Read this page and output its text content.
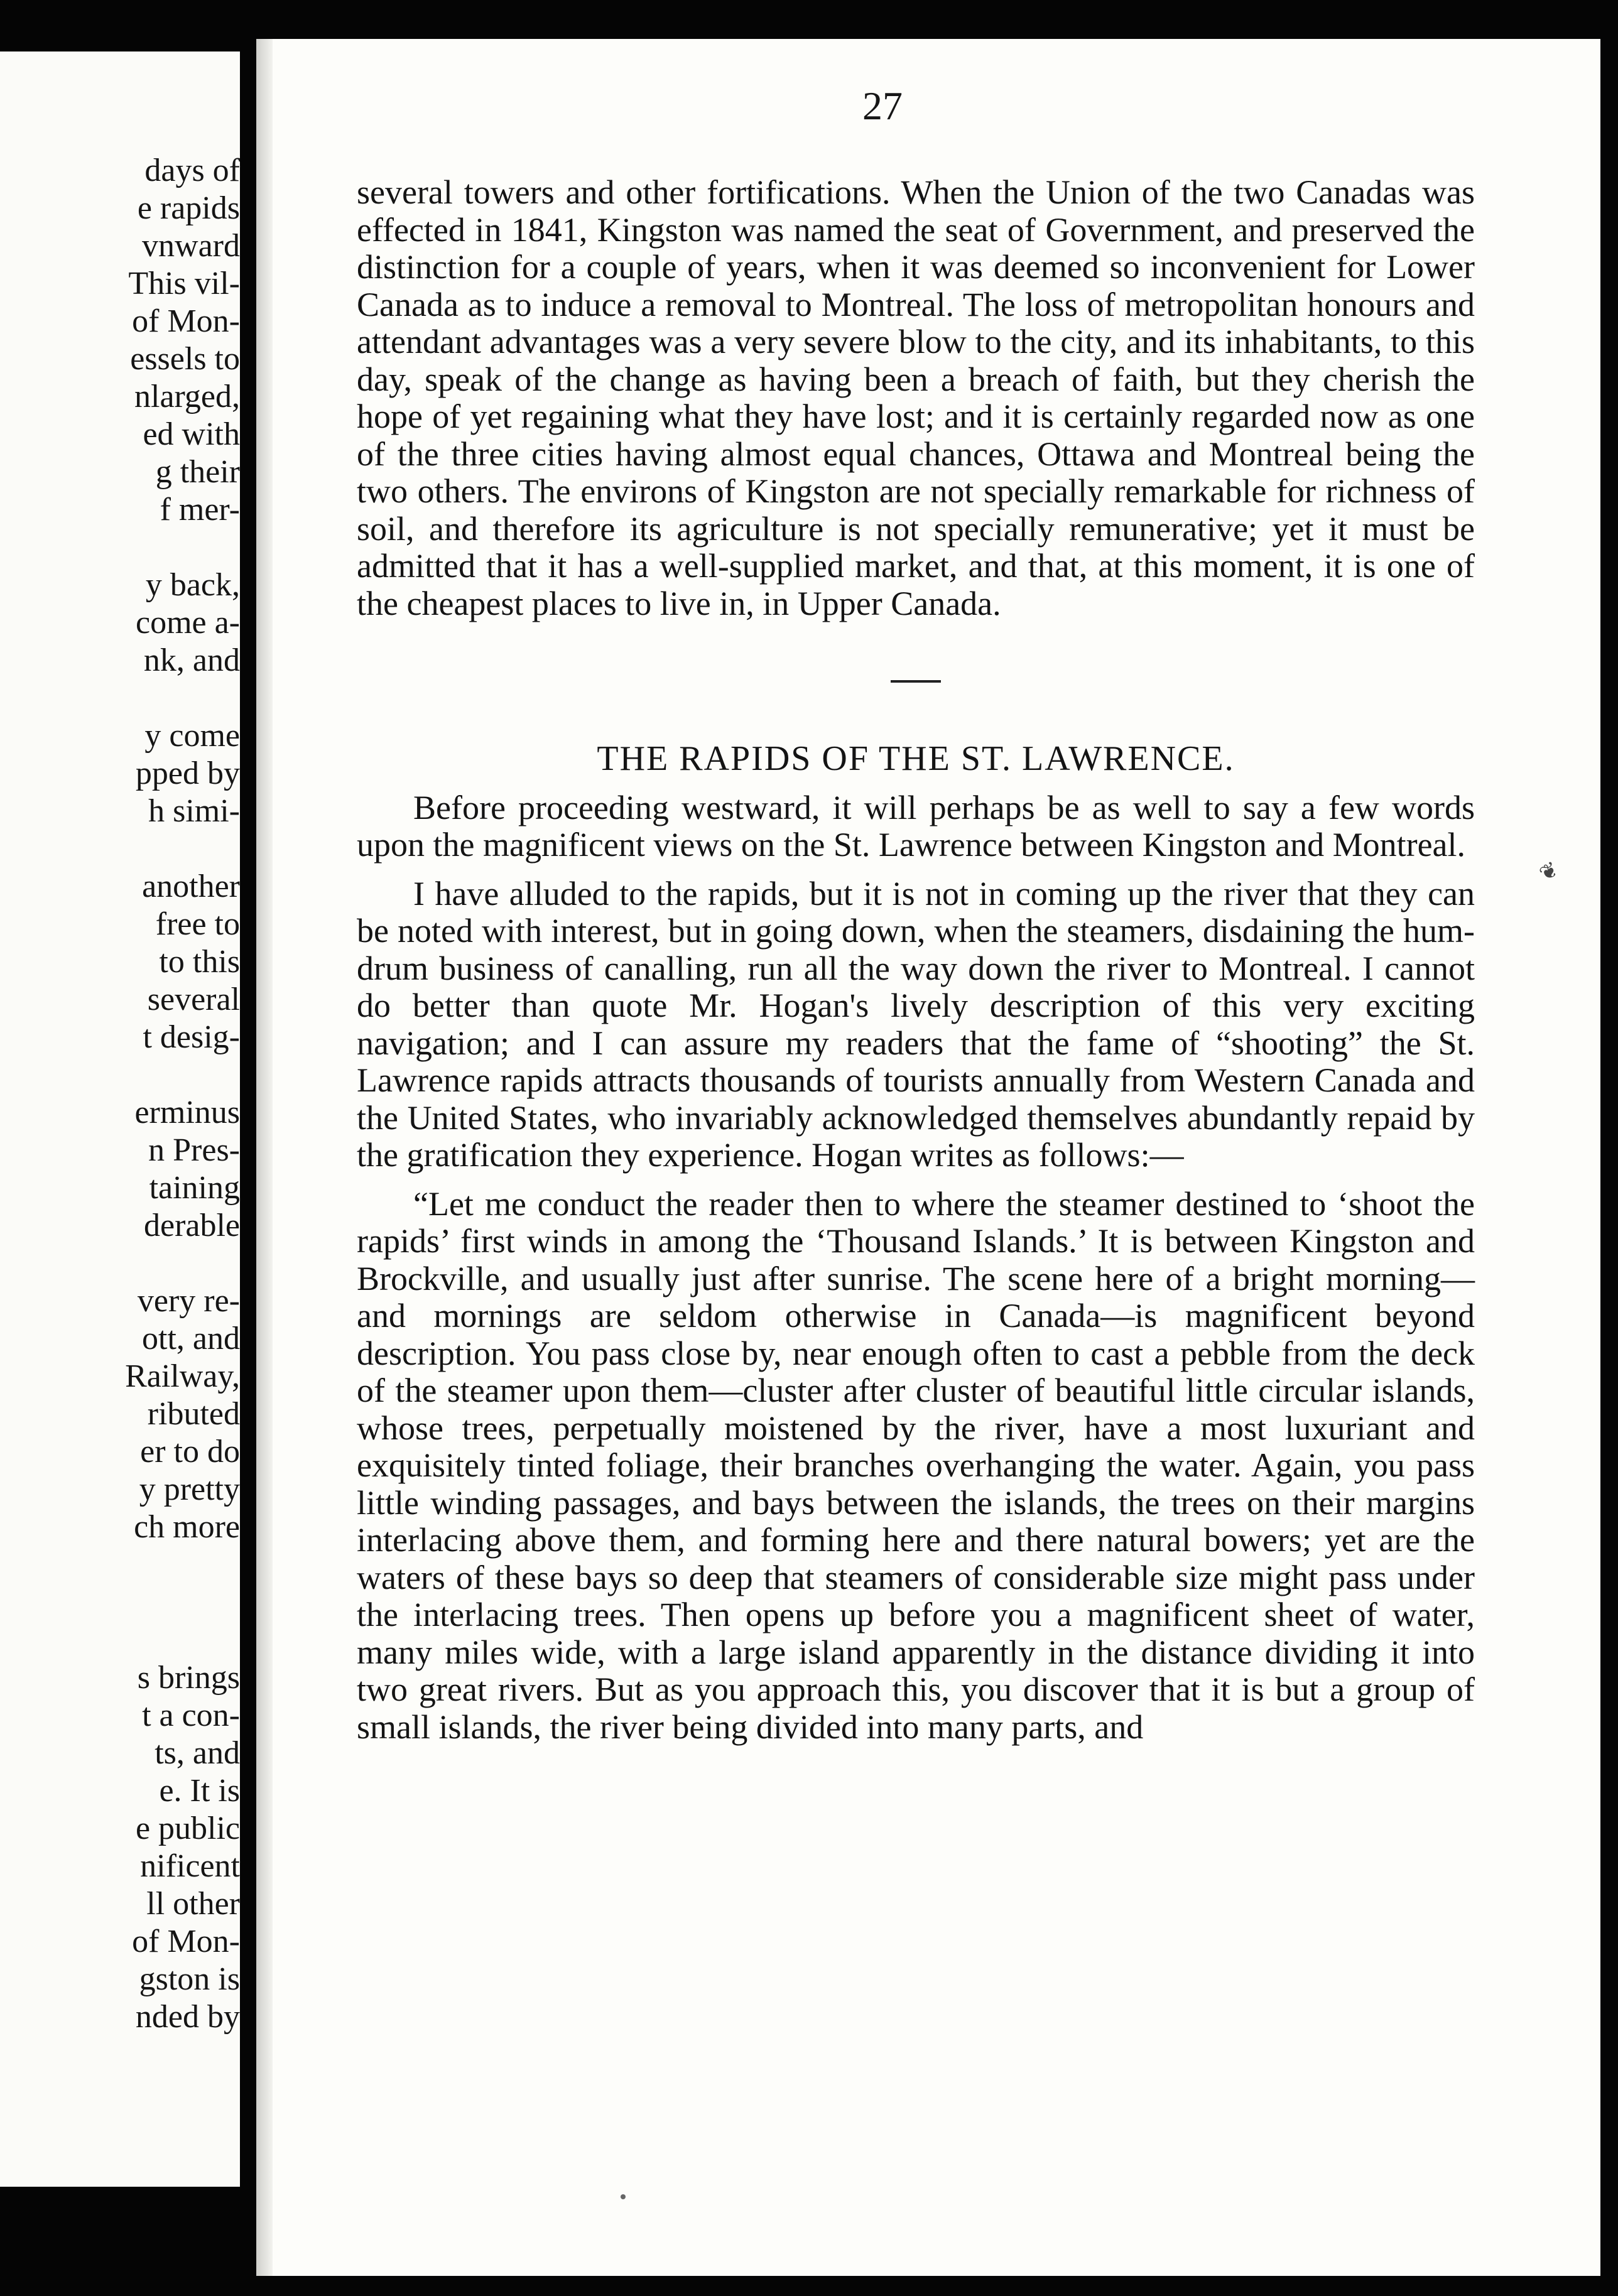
days of
e rapids
vnward
This vil-
of Mon-
essels to
nlarged,
ed with
g their
f mer-
y back,
come a-
nk, and
y come
pped by
h simi-
another
free to
to this
several
t desig-
erminus
n Pres-
taining
derable
very re-
ott, and
Railway,
ributed
er to do
y pretty
ch more
s brings
t a con-
ts, and
e. It is
e public
nificent
ll other
of Mon-
gston is
nded by
27

several towers and other fortifications. When the Union of the two Canadas was effected in 1841, Kingston was named the seat of Government, and preserved the distinction for a couple of years, when it was deemed so inconvenient for Lower Canada as to induce a removal to Montreal. The loss of metropolitan honours and attendant advantages was a very severe blow to the city, and its inhabitants, to this day, speak of the change as having been a breach of faith, but they cherish the hope of yet regaining what they have lost; and it is certainly regarded now as one of the three cities having almost equal chances, Ottawa and Montreal being the two others. The environs of Kingston are not specially remarkable for richness of soil, and therefore its agriculture is not specially remunerative; yet it must be admitted that it has a well-supplied market, and that, at this moment, it is one of the cheapest places to live in, in Upper Canada.

THE RAPIDS OF THE ST. LAWRENCE.

Before proceeding westward, it will perhaps be as well to say a few words upon the magnificent views on the St. Lawrence between Kingston and Montreal.

I have alluded to the rapids, but it is not in coming up the river that they can be noted with interest, but in going down, when the steamers, disdaining the hum-drum business of canalling, run all the way down the river to Montreal. I cannot do better than quote Mr. Hogan's lively description of this very exciting navigation; and I can assure my readers that the fame of “shooting” the St. Lawrence rapids attracts thousands of tourists annually from Western Canada and the United States, who invariably acknowledged themselves abundantly repaid by the gratification they experience. Hogan writes as follows:—

“Let me conduct the reader then to where the steamer destined to ‘shoot the rapids’ first winds in among the ‘Thousand Islands.’ It is between Kingston and Brockville, and usually just after sunrise. The scene here of a bright morning—and mornings are seldom otherwise in Canada—is magnificent beyond description. You pass close by, near enough often to cast a pebble from the deck of the steamer upon them—cluster after cluster of beautiful little circular islands, whose trees, perpetually moistened by the river, have a most luxuriant and exquisitely tinted foliage, their branches overhanging the water. Again, you pass little winding passages, and bays between the islands, the trees on their margins interlacing above them, and forming here and there natural bowers; yet are the waters of these bays so deep that steamers of considerable size might pass under the interlacing trees. Then opens up before you a magnificent sheet of water, many miles wide, with a large island apparently in the distance dividing it into two great rivers. But as you approach this, you discover that it is but a group of small islands, the river being divided into many parts, and

❦
